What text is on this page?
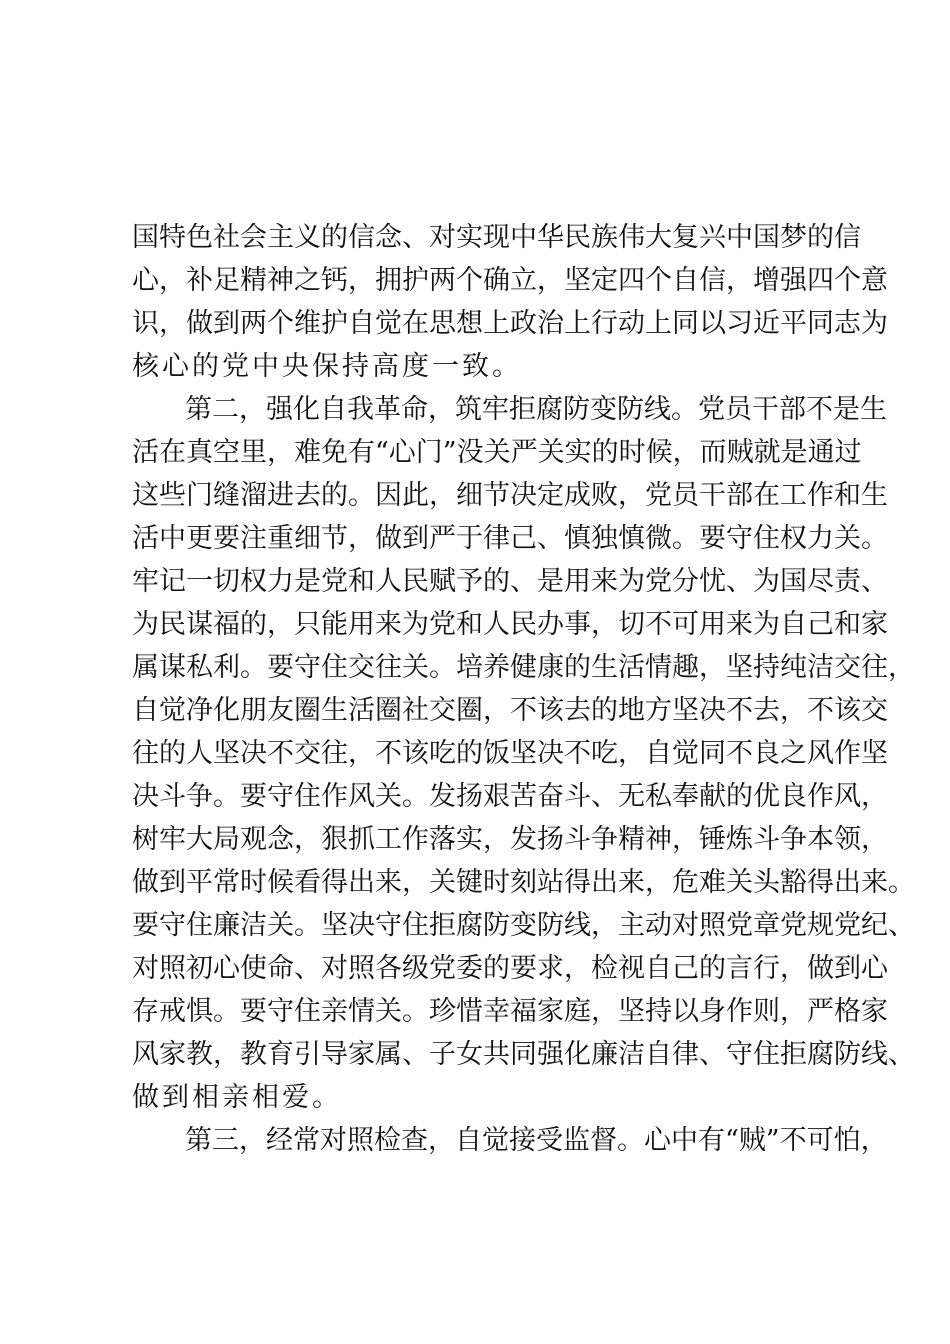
国特色社会主义的信念、对实现中华民族伟大复兴中国梦的信
心，补足精神之钙，拥护两个确立，坚定四个自信，增强四个意
识，做到两个维护自觉在思想上政治上行动上同以习近平同志为
核心的党中央保持高度一致。
第二，强化自我革命，筑牢拒腐防变防线。党员干部不是生
活在真空里，难免有“心门”没关严关实的时候，而贼就是通过
这些门缝溜进去的。因此，细节决定成败，党员干部在工作和生
活中更要注重细节，做到严于律己、慎独慎微。要守住权力关。
牢记一切权力是党和人民赋予的、是用来为党分忧、为国尽责、
为民谋福的，只能用来为党和人民办事，切不可用来为自己和家
属谋私利。要守住交往关。培养健康的生活情趣，坚持纯洁交往，
自觉净化朋友圈生活圈社交圈，不该去的地方坚决不去，不该交
往的人坚决不交往，不该吃的饭坚决不吃，自觉同不良之风作坚
决斗争。要守住作风关。发扬艰苦奋斗、无私奉献的优良作风，
树牢大局观念，狠抓工作落实，发扬斗争精神，锤炼斗争本领，
做到平常时候看得出来，关键时刻站得出来，危难关头豁得出来。
要守住廉洁关。坚决守住拒腐防变防线，主动对照党章党规党纪、
对照初心使命、对照各级党委的要求，检视自己的言行，做到心
存戒惧。要守住亲情关。珍惜幸福家庭，坚持以身作则，严格家
风家教，教育引导家属、子女共同强化廉洁自律、守住拒腐防线、
做到相亲相爱。
第三，经常对照检查，自觉接受监督。心中有“贼”不可怕，
